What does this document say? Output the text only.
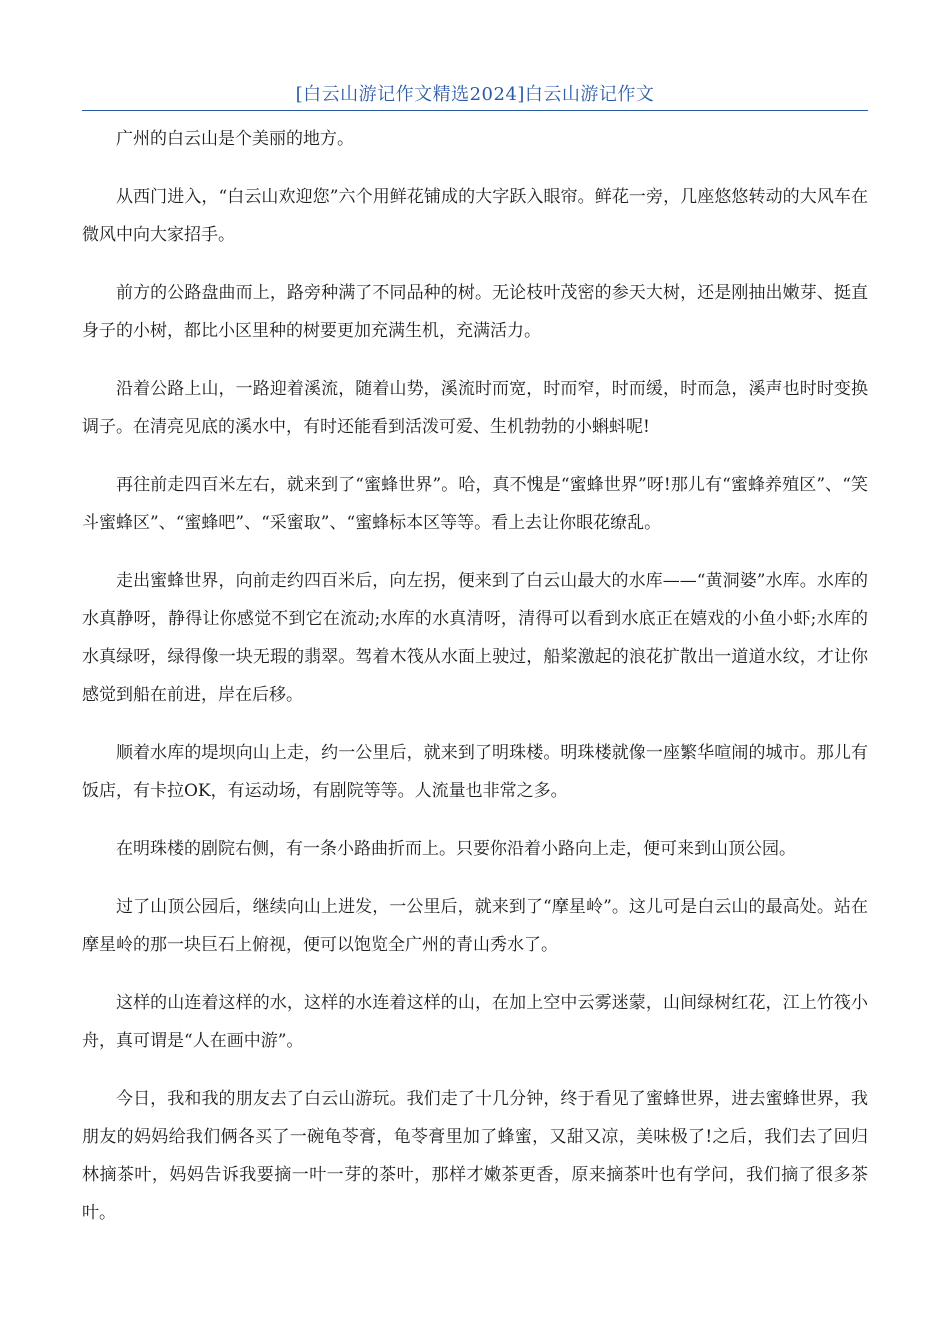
[白云山游记作文精选2024]白云山游记作文

广州的白云山是个美丽的地方。

从西门进入，“白云山欢迎您”六个用鲜花铺成的大字跃入眼帘。鲜花一旁，几座悠悠转动的大风车在微风中向大家招手。

前方的公路盘曲而上，路旁种满了不同品种的树。无论枝叶茂密的参天大树，还是刚抽出嫩芽、挺直身子的小树，都比小区里种的树要更加充满生机，充满活力。

沿着公路上山，一路迎着溪流，随着山势，溪流时而宽，时而窄，时而缓，时而急，溪声也时时变换调子。在清亮见底的溪水中，有时还能看到活泼可爱、生机勃勃的小蝌蚪呢!

再往前走四百米左右，就来到了“蜜蜂世界”。哈，真不愧是“蜜蜂世界”呀!那儿有“蜜蜂养殖区”、“笑斗蜜蜂区”、“蜜蜂吧”、“采蜜取”、“蜜蜂标本区等等。看上去让你眼花缭乱。

走出蜜蜂世界，向前走约四百米后，向左拐，便来到了白云山最大的水库——“黄洞婆”水库。水库的水真静呀，静得让你感觉不到它在流动;水库的水真清呀，清得可以看到水底正在嬉戏的小鱼小虾;水库的水真绿呀，绿得像一块无瑕的翡翠。驾着木筏从水面上驶过，船桨激起的浪花扩散出一道道水纹，才让你感觉到船在前进，岸在后移。

顺着水库的堤坝向山上走，约一公里后，就来到了明珠楼。明珠楼就像一座繁华喧闹的城市。那儿有饭店，有卡拉OK，有运动场，有剧院等等。人流量也非常之多。

在明珠楼的剧院右侧，有一条小路曲折而上。只要你沿着小路向上走，便可来到山顶公园。

过了山顶公园后，继续向山上进发，一公里后，就来到了“摩星岭”。这儿可是白云山的最高处。站在摩星岭的那一块巨石上俯视，便可以饱览全广州的青山秀水了。

这样的山连着这样的水，这样的水连着这样的山，在加上空中云雾迷蒙，山间绿树红花，江上竹筏小舟，真可谓是“人在画中游”。

今日，我和我的朋友去了白云山游玩。我们走了十几分钟，终于看见了蜜蜂世界，进去蜜蜂世界，我朋友的妈妈给我们俩各买了一碗龟苓膏，龟苓膏里加了蜂蜜，又甜又凉，美味极了!之后，我们去了回归林摘茶叶，妈妈告诉我要摘一叶一芽的茶叶，那样才嫩茶更香，原来摘茶叶也有学问，我们摘了很多茶叶。
